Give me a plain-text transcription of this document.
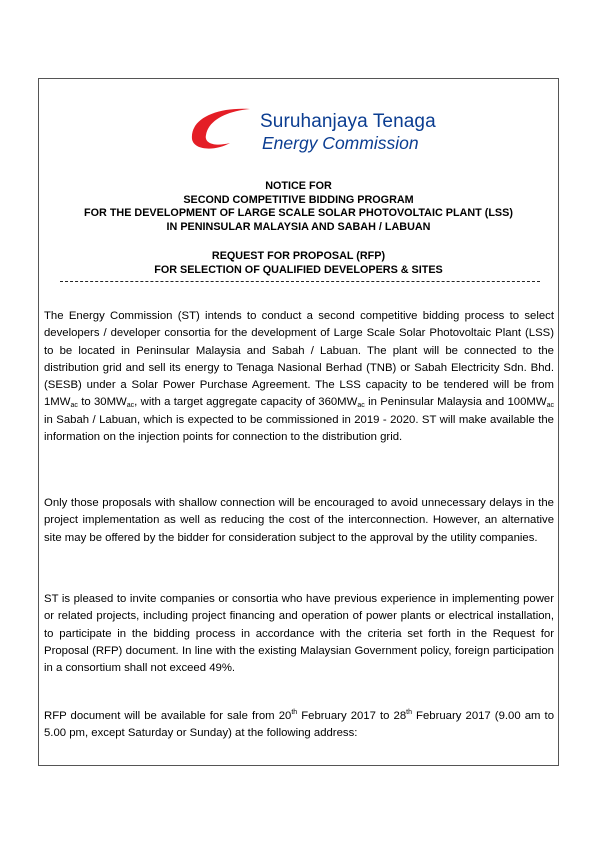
Suruhanjaya Tenaga
Energy Commission
NOTICE FOR
SECOND COMPETITIVE BIDDING PROGRAM
FOR THE DEVELOPMENT OF LARGE SCALE SOLAR PHOTOVOLTAIC PLANT (LSS)
IN PENINSULAR MALAYSIA AND SABAH / LABUAN
REQUEST FOR PROPOSAL (RFP)
FOR SELECTION OF QUALIFIED DEVELOPERS & SITES

The Energy Commission (ST) intends to conduct a second competitive bidding process to select developers / developer consortia for the development of Large Scale Solar Photovoltaic Plant (LSS) to be located in Peninsular Malaysia and Sabah / Labuan. The plant will be connected to the distribution grid and sell its energy to Tenaga Nasional Berhad (TNB) or Sabah Electricity Sdn. Bhd. (SESB) under a Solar Power Purchase Agreement. The LSS capacity to be tendered will be from $1MW_{ac}$ to $30MW_{ac}$, with a target aggregate capacity of $360MW_{ac}$ in Peninsular Malaysia and $100MW_{ac}$ in Sabah / Labuan, which is expected to be commissioned in 2019 - 2020. ST will make available the information on the injection points for connection to the distribution grid.

Only those proposals with shallow connection will be encouraged to avoid unnecessary delays in the project implementation as well as reducing the cost of the interconnection. However, an alternative site may be offered by the bidder for consideration subject to the approval by the utility companies.

ST is pleased to invite companies or consortia who have previous experience in implementing power or related projects, including project financing and operation of power plants or electrical installation, to participate in the bidding process in accordance with the criteria set forth in the Request for Proposal (RFP) document. In line with the existing Malaysian Government policy, foreign participation in a consortium shall not exceed 49%.

RFP document will be available for sale from 20th February 2017 to 28th February 2017 (9.00 am to 5.00 pm, except Saturday or Sunday) at the following address:
